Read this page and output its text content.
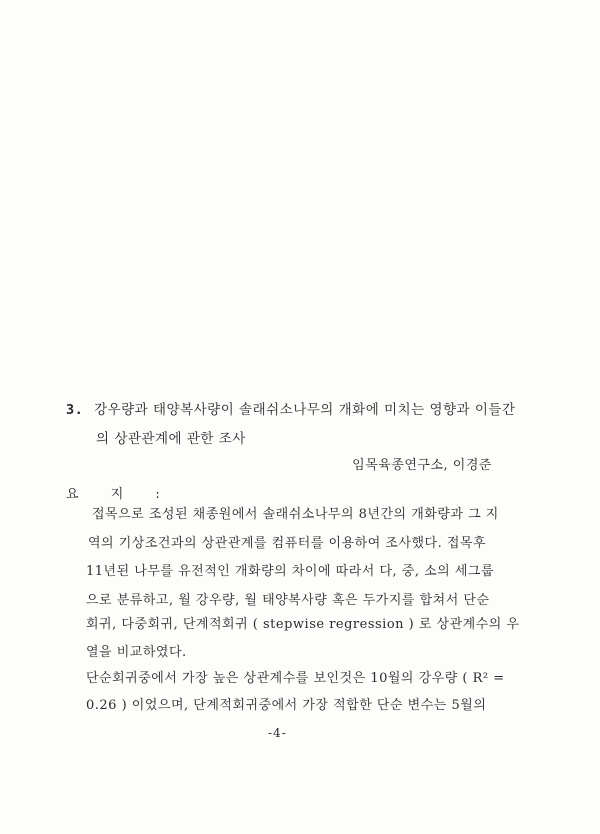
3. 강우량과 태양복사량이 솔래쉬소나무의 개화에 미치는 영향과 이들간
의 상관관계에 관한 조사
임목육종연구소, 이경준
요 지 :
접목으로 조성된 채종원에서 솔래쉬소나무의 8년간의 개화량과 그 지
역의 기상조건과의 상관관계를 컴퓨터를 이용하여 조사했다. 접목후
11년된 나무를 유전적인 개화량의 차이에 따라서 다, 중, 소의 세그룹
으로 분류하고, 월 강우량, 월 태양복사량 혹은 두가지를 합쳐서 단순
회귀, 다중회귀, 단계적회귀 ( stepwise regression ) 로 상관계수의 우
열을 비교하였다.
단순회귀중에서 가장 높은 상관계수를 보인것은 10월의 강우량 ( R² =
0.26 ) 이었으며, 단계적회귀중에서 가장 적합한 단순 변수는 5월의
-4-
